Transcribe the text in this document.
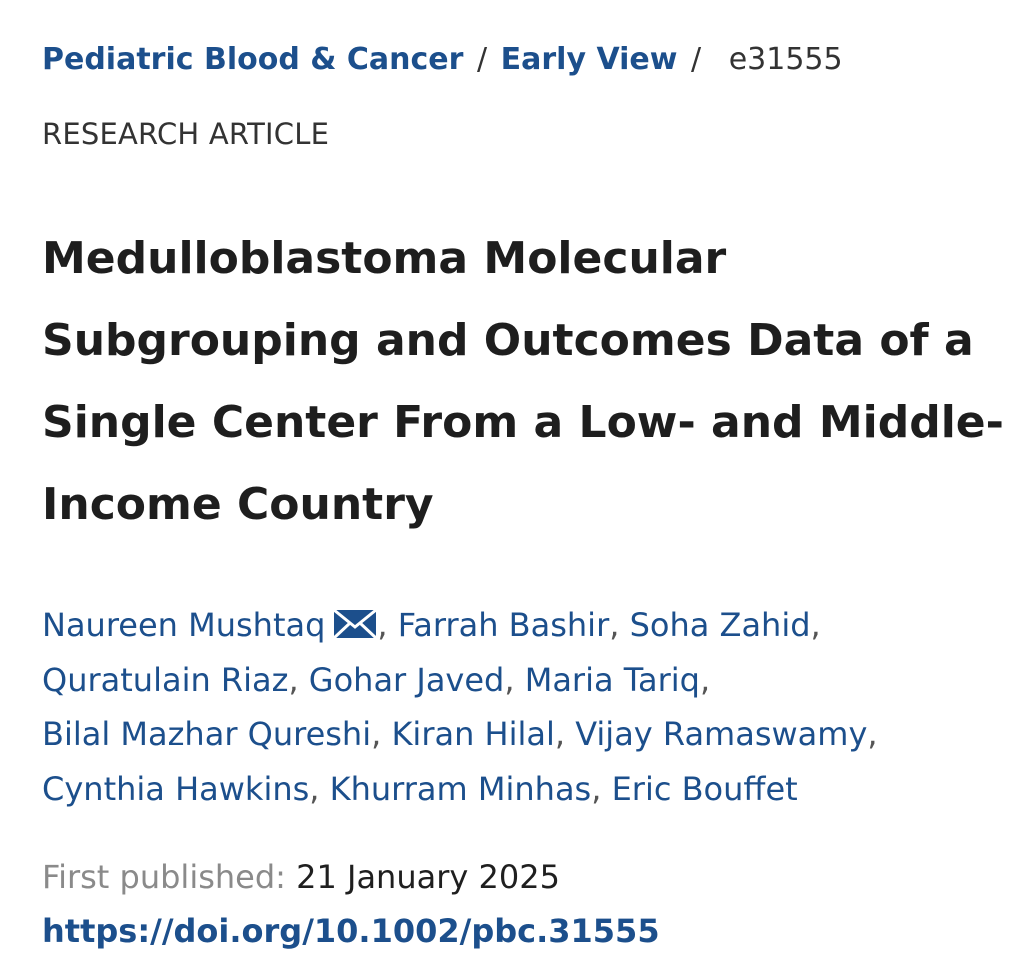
Pediatric Blood & Cancer / Early View / e31555
RESEARCH ARTICLE
Medulloblastoma Molecular
Subgrouping and Outcomes Data of a
Single Center From a Low- and Middle-
Income Country
Naureen Mushtaq , Farrah Bashir, Soha Zahid,
Quratulain Riaz, Gohar Javed, Maria Tariq,
Bilal Mazhar Qureshi, Kiran Hilal, Vijay Ramaswamy,
Cynthia Hawkins, Khurram Minhas, Eric Bouffet
First published: 21 January 2025
https://doi.org/10.1002/pbc.31555
